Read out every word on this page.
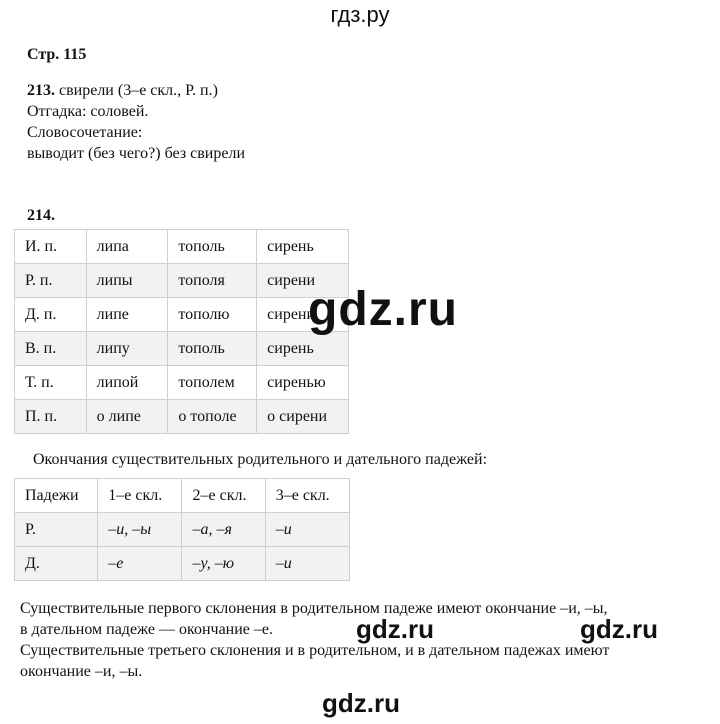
гдз.ру
Стр. 115
213. свирели (3–е скл., Р. п.)
Отгадка: соловей.
Словосочетание:
выводит (без чего?) без свирели
214.
И. п.	липа	тополь	сирень
Р. п.	липы	тополя	сирени
Д. п.	липе	тополю	сирени
В. п.	липу	тополь	сирень
Т. п.	липой	тополем	сиренью
П. п.	о липе	о тополе	о сирени
Окончания существительных родительного и дательного падежей:
Падежи	1–е скл.	2–е скл.	3–е скл.
Р.	–и, –ы	–а, –я	–и
Д.	–е	–у, –ю	–и
Существительные первого склонения в родительном падеже имеют окончание –и, –ы,
в дательном падеже — окончание –е.
Существительные третьего склонения и в родительном, и в дательном падежах имеют
окончание –и, –ы.
gdz.ru
gdz.ru	gdz.ru
gdz.ru
